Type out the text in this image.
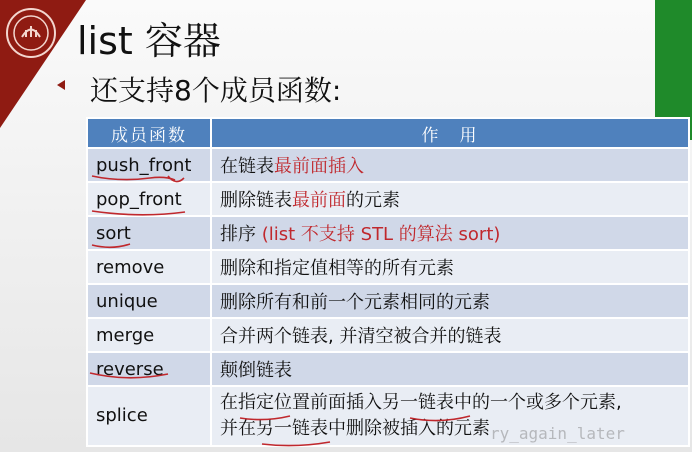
list 容器
还支持8个成员函数:
成员函数	作　用
push_front	在链表最前面插入
pop_front	删除链表最前面的元素
sort	排序 (list 不支持 STL 的算法 sort)
remove	删除和指定值相等的所有元素
unique	删除所有和前一个元素相同的元素
merge	合并两个链表, 并清空被合并的链表
reverse	颠倒链表
splice	在指定位置前面插入另一链表中的一个或多个元素,
并在另一链表中删除被插入的元素 ry_again_later
